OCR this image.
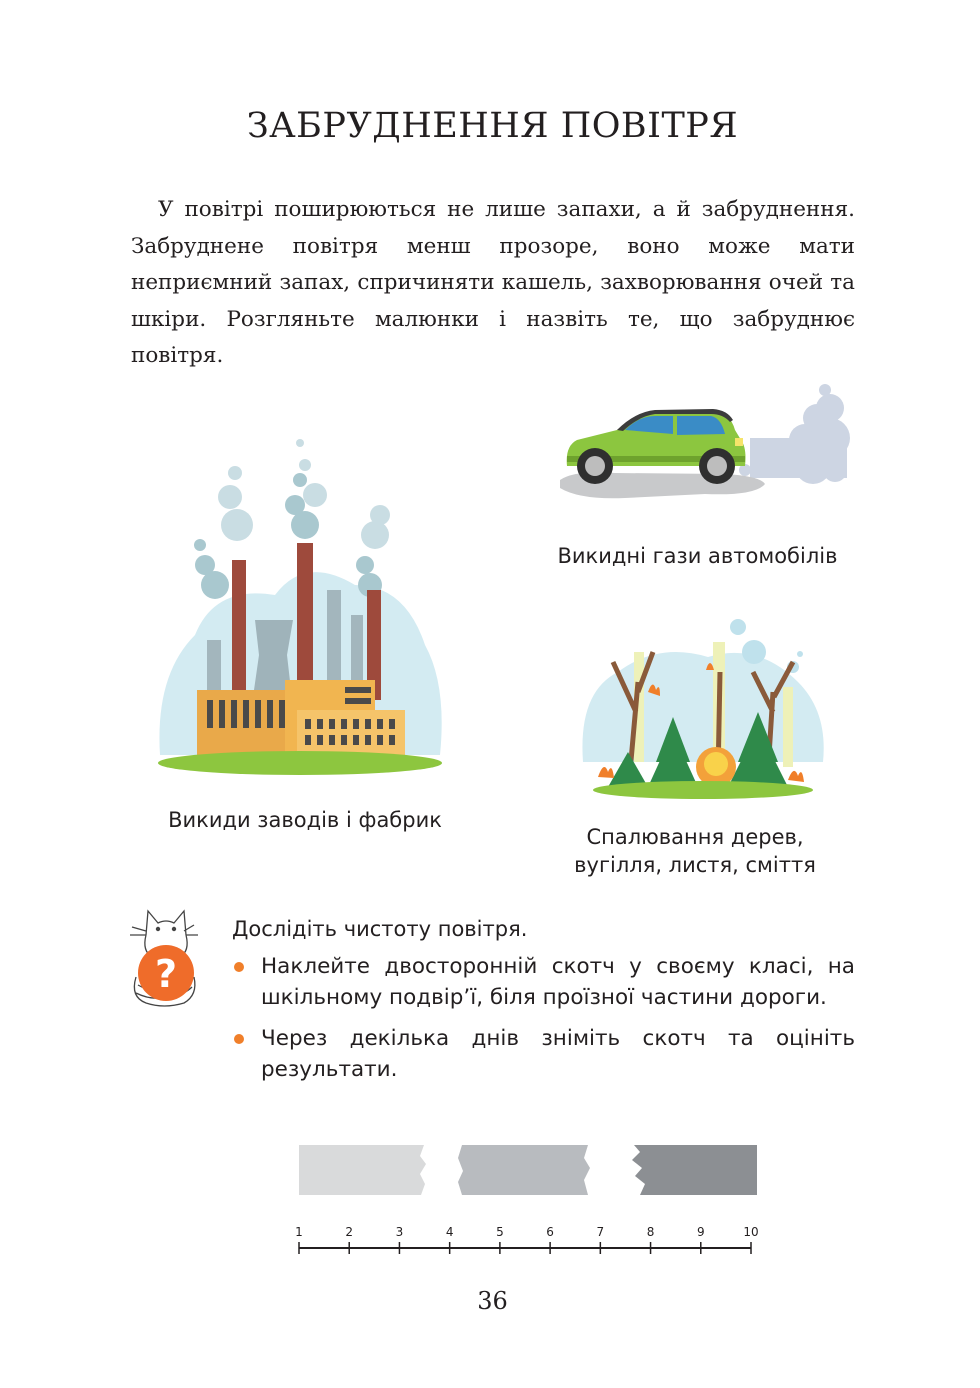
ЗАБРУДНЕННЯ ПОВІТРЯ
У повітрі поширюються не лише запахи, а й забруднення. Забруднене повітря менш прозоре, воно може мати неприємний запах, спричиняти кашель, захворювання очей та шкіри. Розгляньте малюнки і назвіть те, що забруднює повітря.
Викидні гази автомобілів
Викиди заводів і фабрик
Спалювання дерев,
вугілля, листя, сміття
?
Дослідіть чистоту повітря.
Наклейте двосторонній скотч у своєму класі, на шкільному подвір’ї, біля проїзної частини дороги.
Через декілька днів зніміть скотч та оцініть результати.
1	2	3	4	5	6	7	8	9	10
36
